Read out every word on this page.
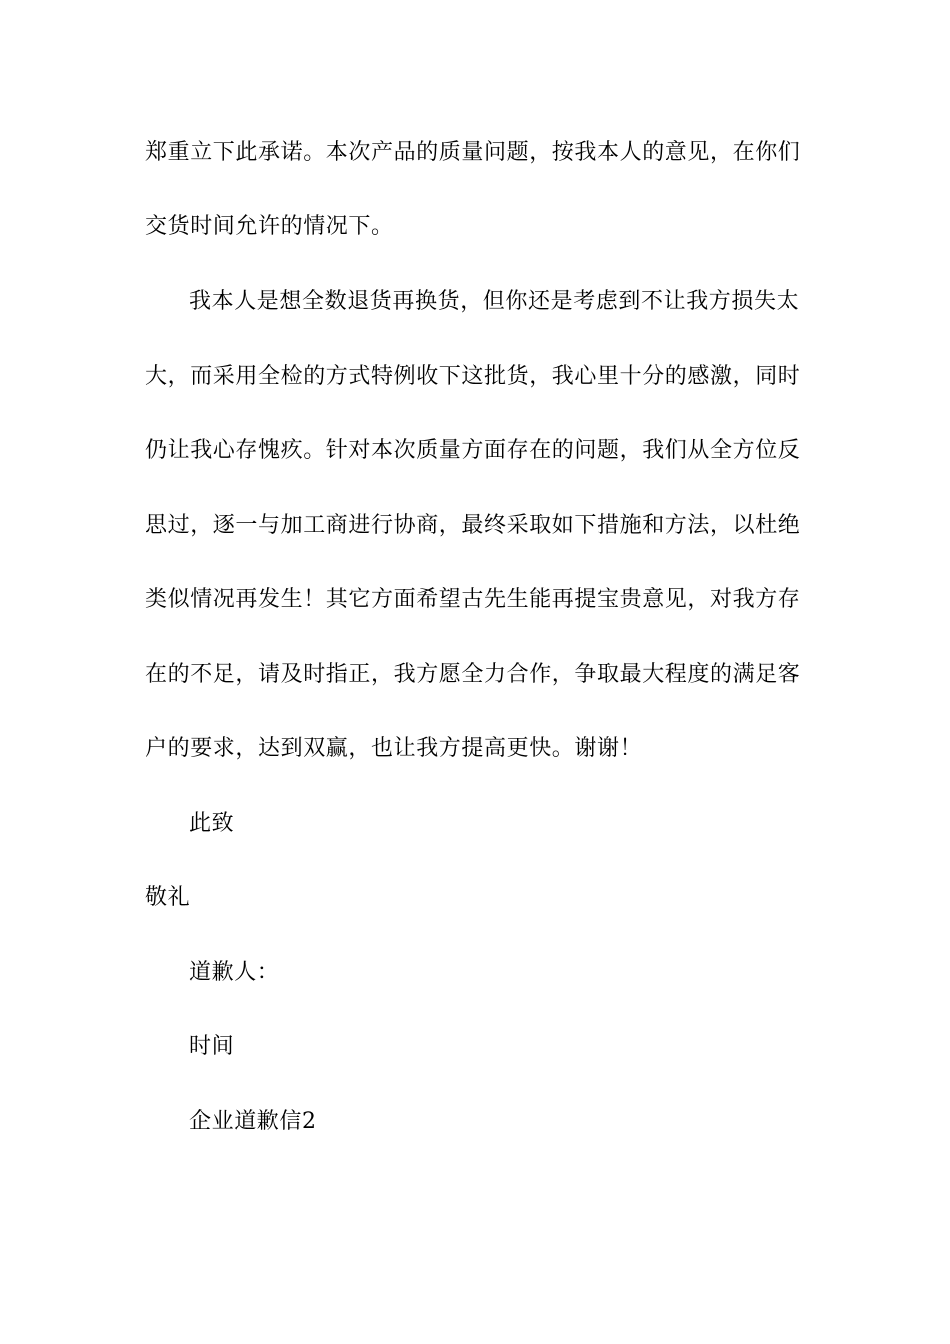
郑重立下此承诺。本次产品的质量问题，按我本人的意见，在你们
交货时间允许的情况下。
我本人是想全数退货再换货，但你还是考虑到不让我方损失太
大，而采用全检的方式特例收下这批货，我心里十分的感激，同时
仍让我心存愧疚。针对本次质量方面存在的问题，我们从全方位反
思过，逐一与加工商进行协商，最终采取如下措施和方法，以杜绝
类似情况再发生！其它方面希望古先生能再提宝贵意见，对我方存
在的不足，请及时指正，我方愿全力合作，争取最大程度的满足客
户的要求，达到双赢，也让我方提高更快。谢谢！
此致
敬礼
道歉人：
时间
企业道歉信2
